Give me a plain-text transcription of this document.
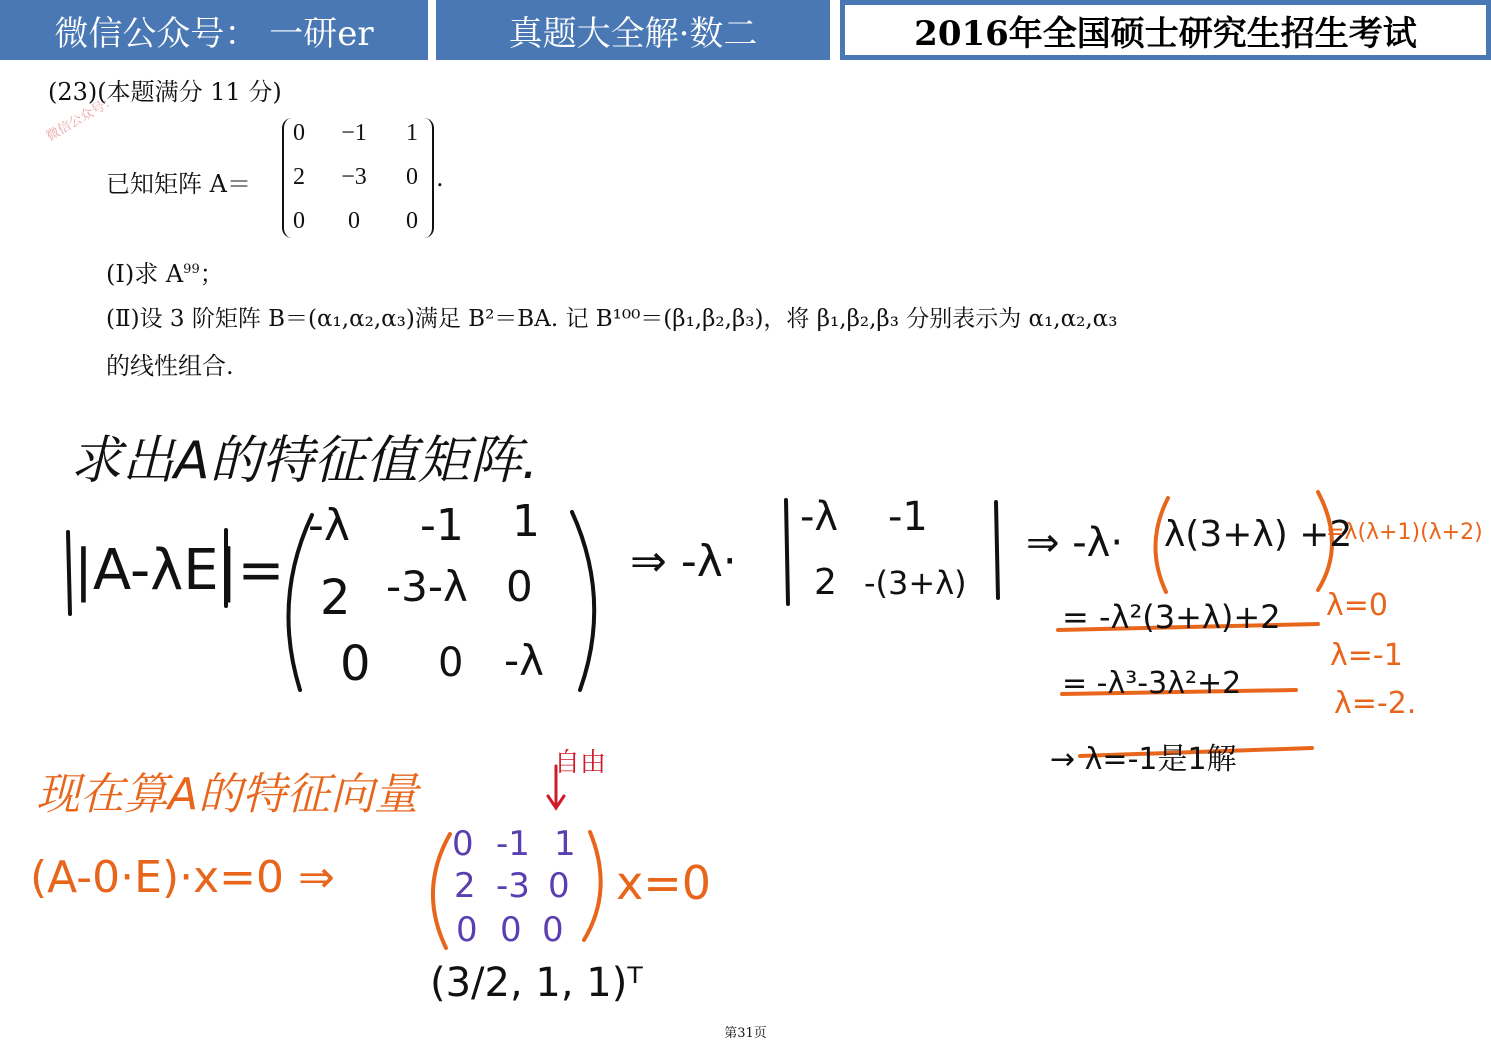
微信公众号： 一研er	真题大全解·数二	2016年全国硕士研究生招生考试
微信公众号：
(23)(本题满分 11 分)
已知矩阵 A＝
0	−1	1
2	−3	0
0	0	0
.
(Ⅰ)求 $A^{99}$；
(Ⅱ)设 3 阶矩阵 B＝(α₁,α₂,α₃)满足 B²＝BA. 记 B¹⁰⁰＝(β₁,β₂,β₃)，将 β₁,β₂,β₃ 分别表示为 α₁,α₂,α₃
的线性组合.
求出A的特征值矩阵.
|A-λE|=
-λ -1 1
2 -3-λ 0
0 0 -λ
⇒ -λ·
-λ -1
2 -(3+λ)
⇒ -λ· λ(3+λ) +2
= -λ²(3+λ)+2
= -λ³-3λ²+2
→ λ=-1是1解
=λ(λ+1)(λ+2)
λ=0
λ=-1
λ=-2.
现在算A的特征向量
(A-0·E)·x=0 ⇒
自由
0 -1 1
2 -3 0
0 0 0
x=0
(3/2, 1, 1)ᵀ
第31页
